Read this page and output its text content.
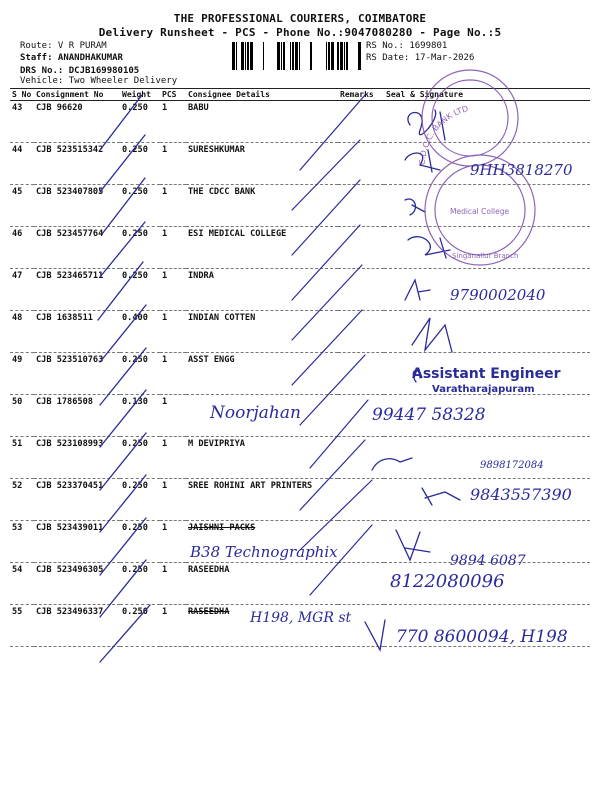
THE PROFESSIONAL COURIERS, COIMBATORE
Delivery Runsheet - PCS - Phone No.:9047080280 - Page No.:5
Route: V R PURAM
Staff: ANANDHAKUMAR
DRS No.: DCJB169980105
Vehicle: Two Wheeler Delivery
RS No.: 1699801
RS Date: 17-Mar-2026
S No	Consignment No	Weight	PCS	Consignee Details	Remarks	Seal & Signature
43	CJB 96620	0.250	1	BABU		
44	CJB 523515342	0.250	1	SURESHKUMAR		
45	CJB 523407805	0.250	1	THE CDCC BANK		
46	CJB 523457764	0.250	1	ESI MEDICAL COLLEGE		
47	CJB 523465711	0.250	1	INDRA		
48	CJB 1638511	0.400	1	INDIAN COTTEN		
49	CJB 523510763	0.250	1	ASST ENGG		
50	CJB 1786508	0.130	1			
51	CJB 523108993	0.250	1	M DEVIPRIYA		
52	CJB 523370451	0.250	1	SREE ROHINI ART PRINTERS		
53	CJB 523439011	0.250	1	JAISHNI PACKS		
54	CJB 523496305	0.250	1	RASEEDHA		
55	CJB 523496337	0.250	1	RASEEDHA		
C.D.C.C. BANK LTD
Medical College
Singanallur Branch
9HH3818270
9790002040
Noorjahan	99447 58328
9898172084
9843557390
B38 Technographix	9894 6087
8122080096
H198, MGR st
770 8600094, H198
Assistant Engineer
Varatharajapuram
